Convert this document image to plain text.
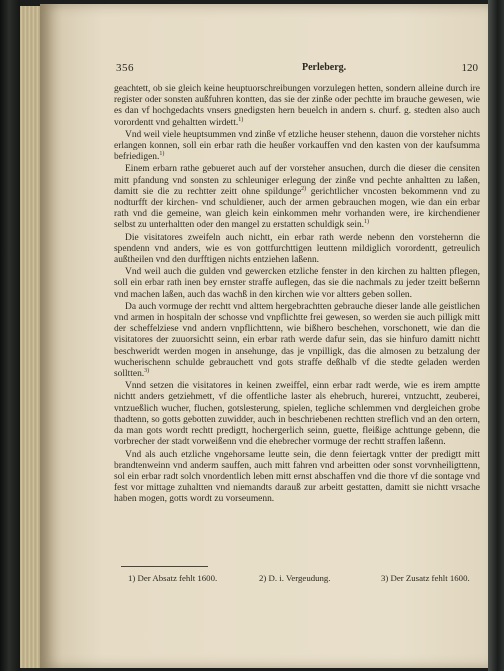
356	Perleberg.	120

geachtett, ob sie gleich keine heuptuorschreibungen vorzulegen hetten, sondern alleine durch ire register oder sonsten außfuhren kontten, das sie der zinße oder pechtte im brauche gewesen, wie es dan vf hochgedachts vnsers gnedigsten hern beuelch in andern s. churf. g. stedten also auch vorordentt vnd gehaltten wirdett.$^{1)}$

Vnd weil viele heuptsummen vnd zinße vf etzliche heuser stehenn, dauon die vorsteher nichts erlangen konnen, soll ein erbar rath die heußer vorkauffen vnd den kasten von der kaufsumma befriedigen.$^{1)}$

Einem erbarn rathe gebueret auch auf der vorsteher ansuchen, durch die dieser die censiten mitt pfandung vnd sonsten zu schleuniger erlegung der zinße vnd pechte anhaltten zu laßen, damitt sie die zu rechtter zeitt ohne spildunge$^{2)}$ gerichtlicher vncosten bekommenn vnd zu nodturfft der kirchen- vnd schuldiener, auch der armen gebrauchen mogen, wie dan ein erbar rath vnd die gemeine, wan gleich kein einkommen mehr vorhanden were, ire kirchendiener selbst zu unterhaltten oder den mangel zu erstatten schuldigk sein.$^{1)}$

Die visitatores zweifeln auch nichtt, ein erbar rath werde nebenn den vorstehernn die spendenn vnd anders, wie es von gottfurchttigen leuttenn mildiglich vorordentt, getreulich außtheilen vnd den durfftigen nichts entziehen laßenn.

Vnd weil auch die gulden vnd gewercken etzliche fenster in den kirchen zu haltten pflegen, soll ein erbar rath inen bey ernster straffe auflegen, das sie die nachmals zu jeder tzeitt beßernn vnd machen laßen, auch das wachß in den kirchen wie vor altters geben sollen.

Da auch vormuge der rechtt vnd alttem hergebrachtten gebrauche dieser lande alle geistlichen vnd armen in hospitaln der schosse vnd vnpflichtte frei gewesen, so werden sie auch pilligk mitt der scheffelziese vnd andern vnpflichttenn, wie bißhero beschehen, vorschonett, wie dan die visitatores der zuuorsichtt seinn, ein erbar rath werde dafur sein, das sie hinfuro damitt nichtt beschweridt werden mogen in ansehunge, das je vnpilligk, das die almosen zu betzalung der wucherischenn schulde gebrauchett vnd gots straffe deßhalb vf die stedte geladen werden solltten.$^{3)}$

Vnnd setzen die visitatores in keinen zweiffel, einn erbar radt werde, wie es irem amptte nichtt anders getziehmett, vf die offentliche laster als ehebruch, hurerei, vntzuchtt, zeuberei, vntzueßlich wucher, fluchen, gotslesterung, spielen, tegliche schlemmen vnd dergleichen grobe thadtenn, so gotts gebotten zuwidder, auch in beschriebenen rechtten streflich vnd an den ortern, da man gots wordt rechtt predigtt, hochergerlich seinn, guette, fleißige achttunge gebenn, die vorbrecher der stadt vorweißenn vnd die ehebrecher vormuge der rechtt straffen laßenn.

Vnd als auch etzliche vngehorsame leutte sein, die denn feiertagk vntter der predigtt mitt brandtenweinn vnd anderm sauffen, auch mitt fahren vnd arbeitten oder sonst vorvnheiligttenn, sol ein erbar radt solch vnordentlich leben mitt ernst abschaffen vnd die thore vf die sontage vnd fest vor mittage zuhaltten vnd niemandts darauß zur arbeitt gestatten, damitt sie nichtt vrsache haben mogen, gotts wordt zu vorseumenn.

1) Der Absatz fehlt 1600.	2) D. i. Vergeudung.	3) Der Zusatz fehlt 1600.
